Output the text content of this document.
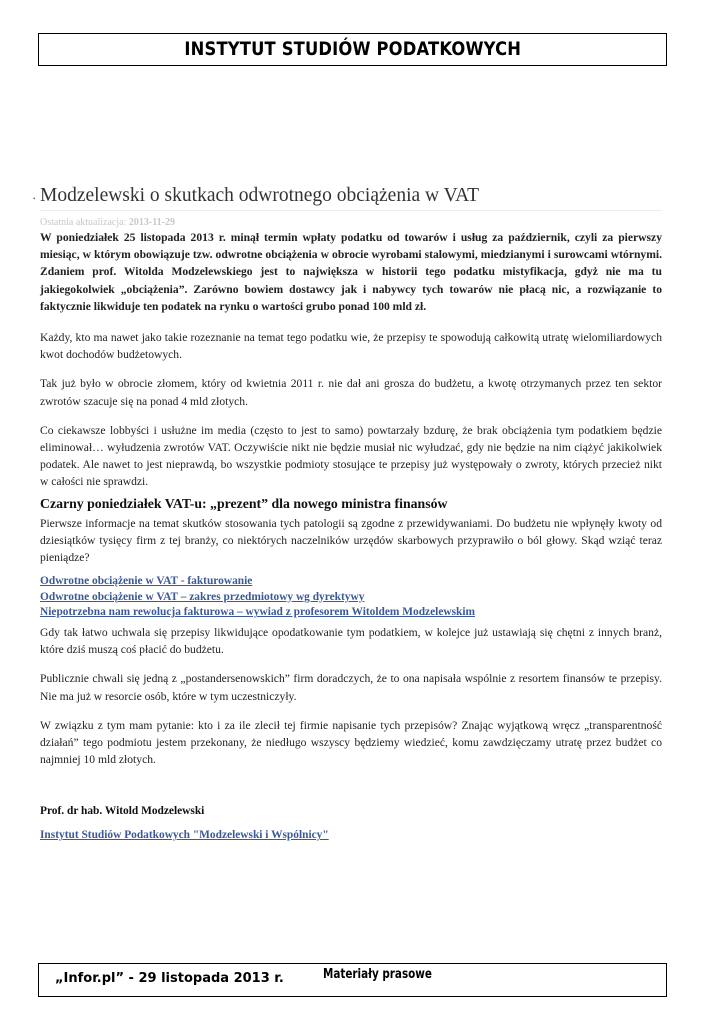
INSTYTUT STUDIÓW PODATKOWYCH
• Modzelewski o skutkach odwrotnego obciążenia w VAT
Ostatnia aktualizacja: 2013-11-29

W poniedziałek 25 listopada 2013 r. minął termin wpłaty podatku od towarów i usług za październik, czyli za pierwszy miesiąc, w którym obowiązuje tzw. odwrotne obciążenia w obrocie wyrobami stalowymi, miedzianymi i surowcami wtórnymi. Zdaniem prof. Witolda Modzelewskiego jest to największa w historii tego podatku mistyfikacja, gdyż nie ma tu jakiegokolwiek „obciążenia”. Zarówno bowiem dostawcy jak i nabywcy tych towarów nie płacą nic, a rozwiązanie to faktycznie likwiduje ten podatek na rynku o wartości grubo ponad 100 mld zł.

Każdy, kto ma nawet jako takie rozeznanie na temat tego podatku wie, że przepisy te spowodują całkowitą utratę wielomiliardowych kwot dochodów budżetowych.

Tak już było w obrocie złomem, który od kwietnia 2011 r. nie dał ani grosza do budżetu, a kwotę otrzymanych przez ten sektor zwrotów szacuje się na ponad 4 mld złotych.

Co ciekawsze lobbyści i usłużne im media (często to jest to samo) powtarzały bzdurę, że brak obciążenia tym podatkiem będzie eliminował… wyłudzenia zwrotów VAT. Oczywiście nikt nie będzie musiał nic wyłudzać, gdy nie będzie na nim ciążyć jakikolwiek podatek. Ale nawet to jest nieprawdą, bo wszystkie podmioty stosujące te przepisy już występowały o zwroty, których przecież nikt w całości nie sprawdzi.

Czarny poniedziałek VAT-u: „prezent” dla nowego ministra finansów

Pierwsze informacje na temat skutków stosowania tych patologii są zgodne z przewidywaniami. Do budżetu nie wpłynęły kwoty od dziesiątków tysięcy firm z tej branży, co niektórych naczelników urzędów skarbowych przyprawiło o ból głowy. Skąd wziąć teraz pieniądze?

Odwrotne obciążenie w VAT - fakturowanie
Odwrotne obciążenie w VAT – zakres przedmiotowy wg dyrektywy
Niepotrzebna nam rewolucja fakturowa – wywiad z profesorem Witoldem Modzelewskim

Gdy tak łatwo uchwala się przepisy likwidujące opodatkowanie tym podatkiem, w kolejce już ustawiają się chętni z innych branż, które dziś muszą coś płacić do budżetu.

Publicznie chwali się jedną z „postandersenowskich” firm doradczych, że to ona napisała wspólnie z resortem finansów te przepisy. Nie ma już w resorcie osób, które w tym uczestniczyły.

W związku z tym mam pytanie: kto i za ile zlecił tej firmie napisanie tych przepisów? Znając wyjątkową wręcz „transparentność działań” tego podmiotu jestem przekonany, że niedługo wszyscy będziemy wiedzieć, komu zawdzięczamy utratę przez budżet co najmniej 10 mld złotych.

Prof. dr hab. Witold Modzelewski
Instytut Studiów Podatkowych "Modzelewski i Wspólnicy"
„Infor.pl” - 29 listopada 2013 r.	Materiały prasowe
